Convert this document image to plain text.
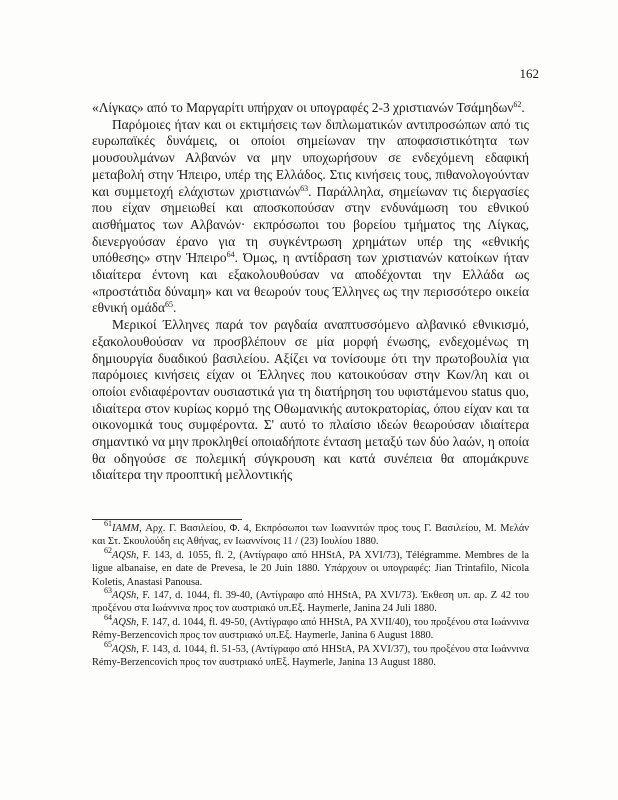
162

«Λίγκας» από το Μαργαρίτι υπήρχαν οι υπογραφές 2-3 χριστιανών Τσάμηδων$^{62}$.

Παρόμοιες ήταν και οι εκτιμήσεις των διπλωματικών αντιπροσώπων από τις ευρωπαϊκές δυνάμεις, οι οποίοι σημείωναν την αποφασιστικότητα των μουσουλμάνων Αλβανών να μην υποχωρήσουν σε ενδεχόμενη εδαφική μεταβολή στην Ήπειρο, υπέρ της Ελλάδος. Στις κινήσεις τους, πιθανολογούνταν και συμμετοχή ελάχιστων χριστιανών$^{63}$. Παράλληλα, σημείωναν τις διεργασίες που είχαν σημειωθεί και αποσκοπούσαν στην ενδυνάμωση του εθνικού αισθήματος των Αλβανών· εκπρόσωποι του βορείου τμήματος της Λίγκας, διενεργούσαν έρανο για τη συγκέντρωση χρημάτων υπέρ της «εθνικής υπόθεσης» στην Ήπειρο$^{64}$. Όμως, η αντίδραση των χριστιανών κατοίκων ήταν ιδιαίτερα έντονη και εξακολουθούσαν να αποδέχονται την Ελλάδα ως «προστάτιδα δύναμη» και να θεωρούν τους Έλληνες ως την περισσότερο οικεία εθνική ομάδα$^{65}$.

Μερικοί Έλληνες παρά τον ραγδαία αναπτυσσόμενο αλβανικό εθνικισμό, εξακολουθούσαν να προσβλέπουν σε μία μορφή ένωσης, ενδεχομένως τη δημιουργία δυαδικού βασιλείου. Αξίζει να τονίσουμε ότι την πρωτοβουλία για παρόμοιες κινήσεις είχαν οι Έλληνες που κατοικούσαν στην Κων/λη και οι οποίοι ενδιαφέρονταν ουσιαστικά για τη διατήρηση του υφιστάμενου status quo, ιδιαίτερα στον κυρίως κορμό της Οθωμανικής αυτοκρατορίας, όπου είχαν και τα οικονομικά τους συμφέροντα. Σ' αυτό το πλαίσιο ιδεών θεωρούσαν ιδιαίτερα σημαντικό να μην προκληθεί οποιαδήποτε ένταση μεταξύ των δύο λαών, η οποία θα οδηγούσε σε πολεμική σύγκρουση και κατά συνέπεια θα απομάκρυνε ιδιαίτερα την προοπτική μελλοντικής

$^{61}$IAMM, Αρχ. Γ. Βασιλείου, Φ. 4, Εκπρόσωποι των Ιωαννιτών προς τους Γ. Βασιλείου, Μ. Μελάν και Στ. Σκουλούδη εις Αθήνας, εν Ιωαννίνοις 11 / (23) Ιουλίου 1880.

$^{62}$AQSh, F. 143, d. 1055, fl. 2, (Αντίγραφο από HHStA, PA XVI/73), Télégramme. Membres de la ligue albanaise, en date de Prevesa, le 20 Juin 1880. Υπάρχουν οι υπογραφές: Jian Trintafilo, Nicola Koletis, Anastasi Panousa.

$^{63}$AQSh, F. 147, d. 1044, fl. 39-40, (Αντίγραφο από HHStA, PA XVI/73). Έκθεση υπ. αρ. Ζ 42 του προξένου στα Ιωάννινα προς τον αυστριακό υπ.Εξ. Haymerle, Janina 24 Juli 1880.

$^{64}$AQSh, F. 147, d. 1044, fl. 49-50, (Αντίγραφο από HHStA, PA XVII/40), του προξένου στα Ιωάννινα Rémy-Berzencovich προς τον αυστριακό υπ.Εξ. Haymerle, Janina 6 August 1880.

$^{65}$AQSh, F. 143, d. 1044, fl. 51-53, (Αντίγραφο από HHStA, PA XVI/37), του προξένου στα Ιωάννινα Rémy-Berzencovich προς τον αυστριακό υπΕξ. Haymerle, Janina 13 August 1880.
